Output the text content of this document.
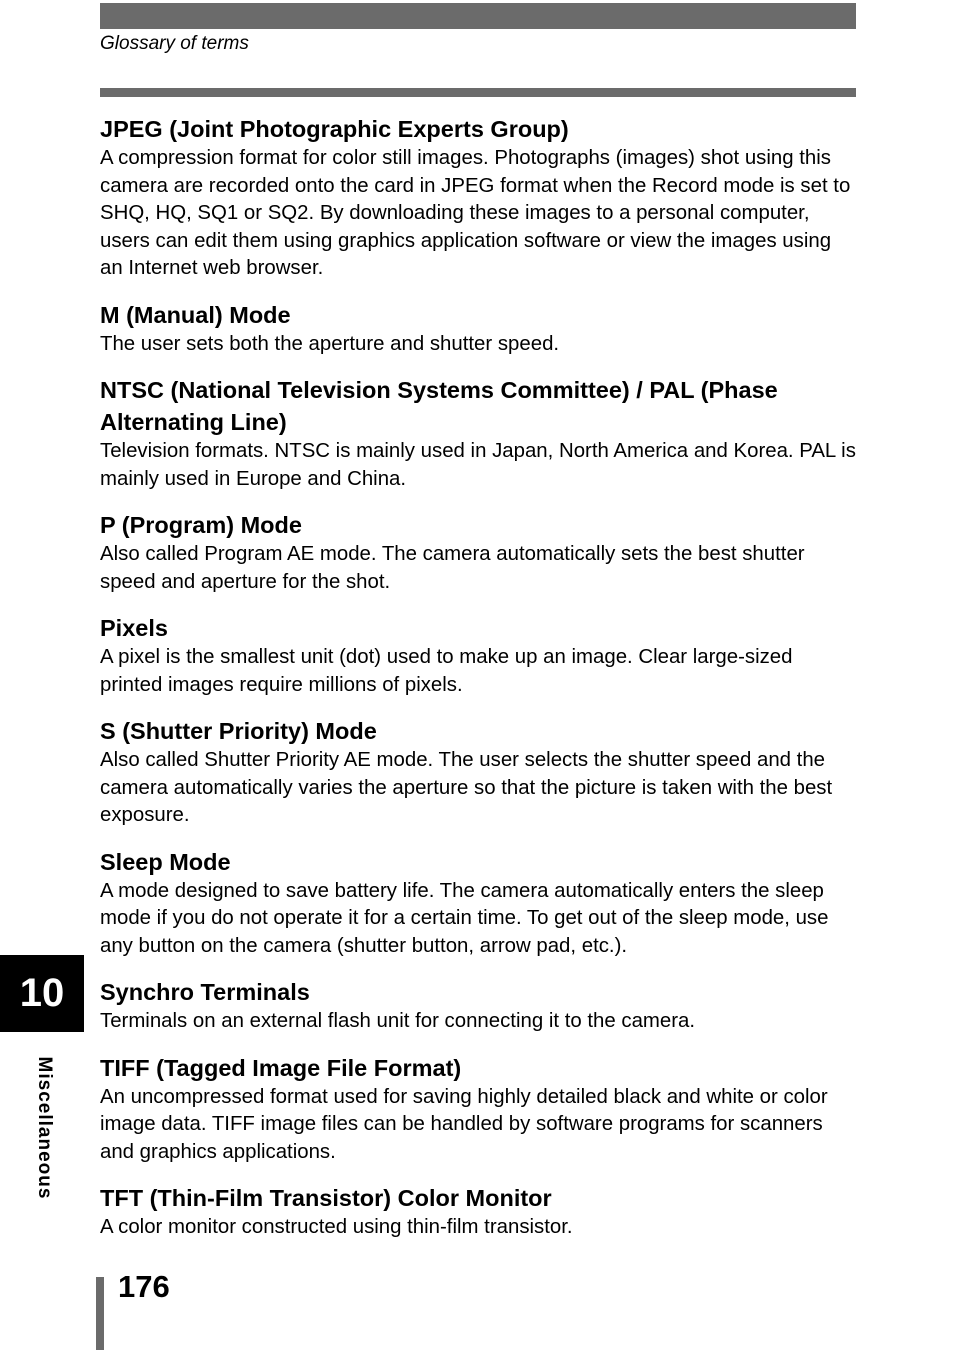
Glossary of terms

JPEG (Joint Photographic Experts Group)

A compression format for color still images. Photographs (images) shot using this camera are recorded onto the card in JPEG format when the Record mode is set to SHQ, HQ, SQ1 or SQ2. By downloading these images to a personal computer, users can edit them using graphics application software or view the images using an Internet web browser.

M (Manual) Mode

The user sets both the aperture and shutter speed.

NTSC (National Television Systems Committee) / PAL (Phase Alternating Line)

Television formats. NTSC is mainly used in Japan, North America and Korea. PAL is mainly used in Europe and China.

P (Program) Mode

Also called Program AE mode. The camera automatically sets the best shutter speed and aperture for the shot.

Pixels

A pixel is the smallest unit (dot) used to make up an image. Clear large-sized printed images require millions of pixels.

S (Shutter Priority) Mode

Also called Shutter Priority AE mode. The user selects the shutter speed and the camera automatically varies the aperture so that the picture is taken with the best exposure.

Sleep Mode

A mode designed to save battery life. The camera automatically enters the sleep mode if you do not operate it for a certain time. To get out of the sleep mode, use any button on the camera (shutter button, arrow pad, etc.).

Synchro Terminals

Terminals on an external flash unit for connecting it to the camera.

TIFF (Tagged Image File Format)

An uncompressed format used for saving highly detailed black and white or color image data. TIFF image files can be handled by software programs for scanners and graphics applications.

TFT (Thin-Film Transistor) Color Monitor

A color monitor constructed using thin-film transistor.

10
Miscellaneous
176
